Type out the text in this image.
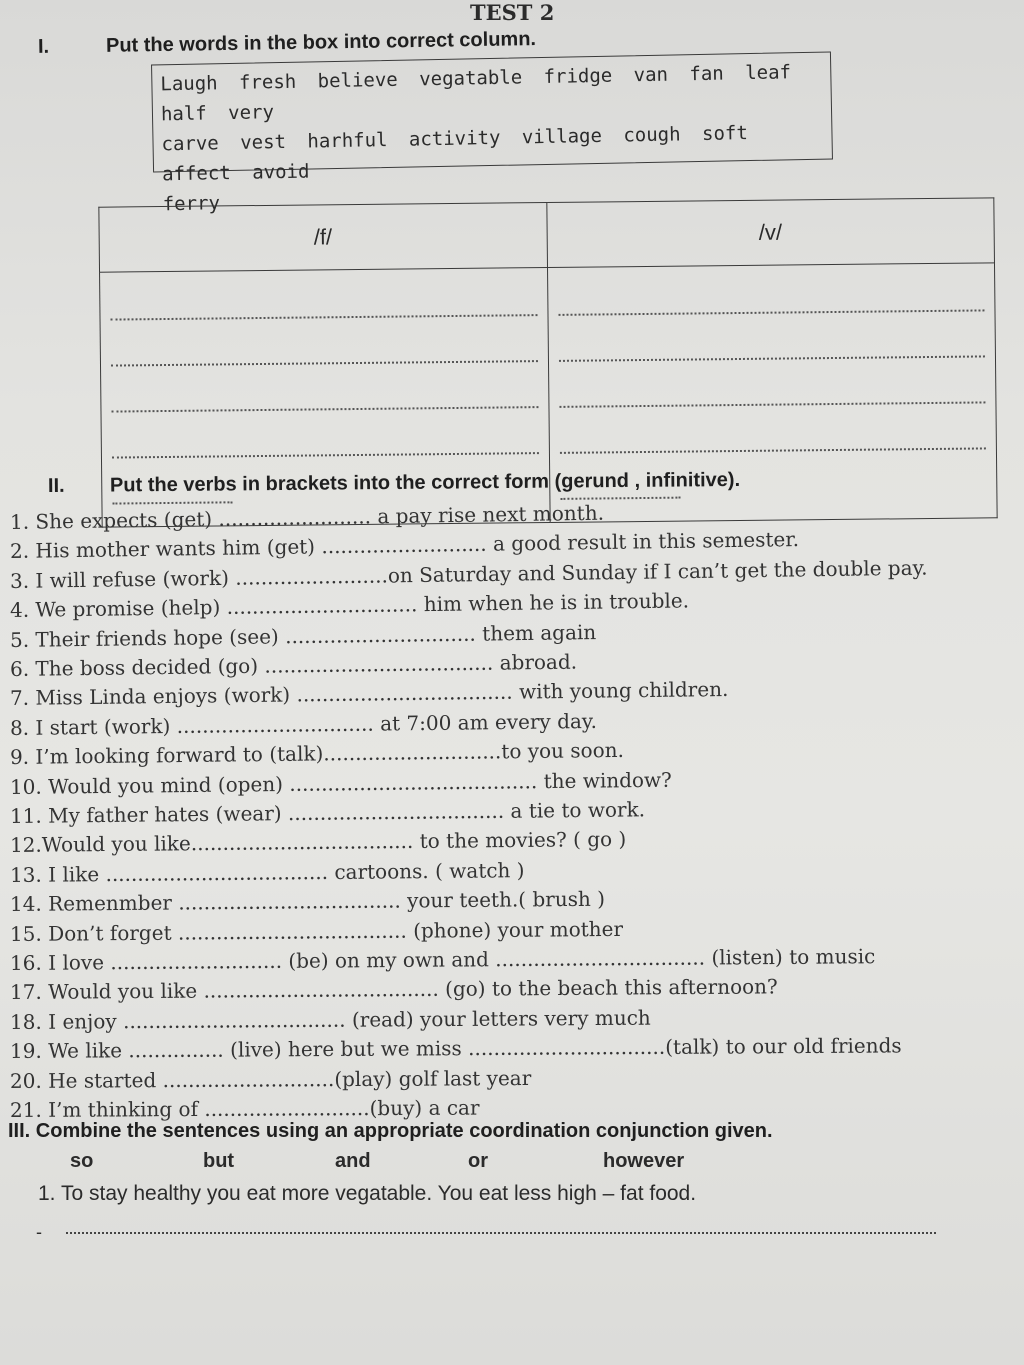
TEST 2
I.	Put the words in the box into correct column.
Laugh fresh believe vegatable fridge van fan leaf half very
carve vest harhful activity village cough soft affect avoid
ferry
/f/	/v/

II. Put the verbs in brackets into the correct form (gerund , infinitive).
1. She expects (get) ........................ a pay rise next month.
2. His mother wants him (get) .......................... a good result in this semester.
3. I will refuse (work) ........................on Saturday and Sunday if I can’t get the double pay.
4. We promise (help) .............................. him when he is in trouble.
5. Their friends hope (see) .............................. them again
6. The boss decided (go) .................................... abroad.
7. Miss Linda enjoys (work) .................................. with young children.
8. I start (work) ............................... at 7:00 am every day.
9. I’m looking forward to (talk)............................to you soon.
10. Would you mind (open) ....................................... the window?
11. My father hates (wear) .................................. a tie to work.
12.Would you like................................... to the movies? ( go )
13. I like ................................... cartoons. ( watch )
14. Remenmber ................................... your teeth.( brush )
15. Don’t forget .................................... (phone) your mother
16. I love ........................... (be) on my own and ................................. (listen) to music
17. Would you like ..................................... (go) to the beach this afternoon?
18. I enjoy ................................... (read) your letters very much
19. We like ............... (live) here but we miss ...............................(talk) to our old friends
20. He started ...........................(play) golf last year
21. I’m thinking of ..........................(buy) a car
III. Combine the sentences using an appropriate coordination conjunction given.
so	but	and	or	however
1. To stay healthy you eat more vegatable. You eat less high – fat food.
-
